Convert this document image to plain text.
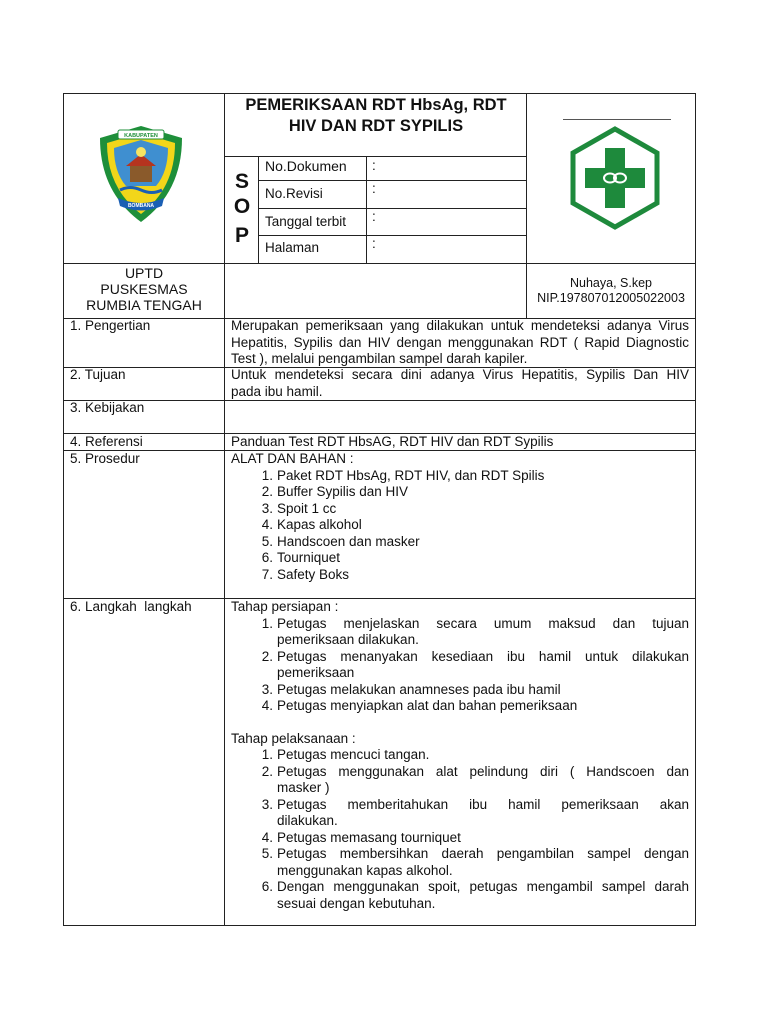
KABUPATEN
BOMBANA
PEMERIKSAAN RDT HbsAg, RDT
HIV DAN RDT SYPILIS
S
O
P
No.Dokumen :
No.Revisi	:
Tanggal terbit :
Halaman	:
UPTD
PUSKESMAS
RUMBIA TENGAH
Nuhaya, S.kep
NIP.197807012005022003
1. Pengertian	Merupakan pemeriksaan yang dilakukan untuk mendeteksi adanya Virus
Hepatitis, Sypilis dan HIV dengan menggunakan RDT ( Rapid Diagnostic
Test ), melalui pengambilan sampel darah kapiler.
2. Tujuan	Untuk mendeteksi secara dini adanya Virus Hepatitis, Sypilis Dan HIV
pada ibu hamil.
3. Kebijakan
4. Referensi	Panduan Test RDT HbsAG, RDT HIV dan RDT Sypilis
5. Prosedur	ALAT DAN BAHAN :
1. Paket RDT HbsAg, RDT HIV, dan RDT Spilis
2. Buffer Sypilis dan HIV
3. Spoit 1 cc
4. Kapas alkohol
5. Handscoen dan masker
6. Tourniquet
7. Safety Boks
6. Langkah  langkah	Tahap persiapan :
1. Petugas menjelaskan secara umum maksud dan tujuan
pemeriksaan dilakukan.
2. Petugas menanyakan kesediaan ibu hamil untuk dilakukan
pemeriksaan
3. Petugas melakukan anamneses pada ibu hamil
4. Petugas menyiapkan alat dan bahan pemeriksaan
Tahap pelaksanaan :
1. Petugas mencuci tangan.
2. Petugas menggunakan alat pelindung diri ( Handscoen dan
masker )
3. Petugas memberitahukan ibu hamil pemeriksaan akan
dilakukan.
4. Petugas memasang tourniquet
5. Petugas membersihkan daerah pengambilan sampel dengan
menggunakan kapas alkohol.
6. Dengan menggunakan spoit, petugas mengambil sampel darah
sesuai dengan kebutuhan.
